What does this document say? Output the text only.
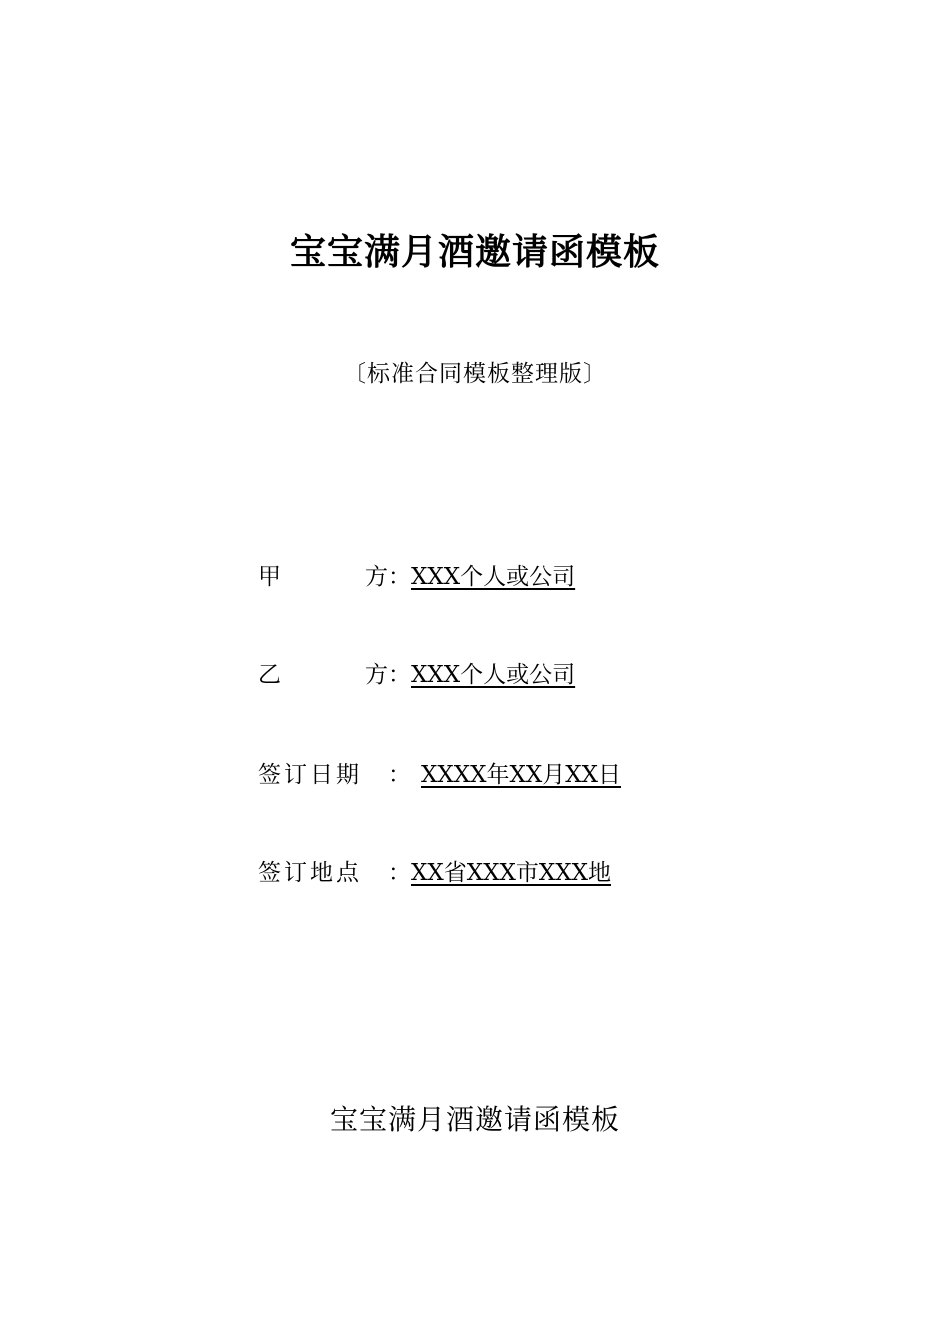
宝宝满月酒邀请函模板
〔标准合同模板整理版〕
甲	方 ：XXX个人或公司
乙	方 ：XXX个人或公司
签订日期 ： XXXX年XX月XX日
签订地点 ：XX省XXX市XXX地
宝宝满月酒邀请函模板
